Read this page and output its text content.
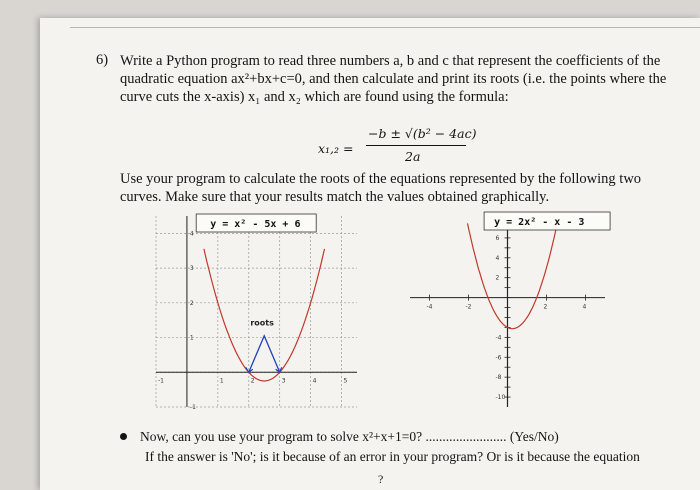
6) Write a Python program to read three numbers a, b and c that represent the coefficients of the
quadratic equation ax²+bx+c=0, and then calculate and print its roots (i.e. the points where the
curve cuts the x-axis) x₁ and x₂ which are found using the formula:
x₁,₂ =
−b ± √(b² − 4ac)
2a
Use your program to calculate the roots of the equations represented by the following two
curves. Make sure that your results match the values obtained graphically.
-1	1	2	3	4	5
-1
1
2
3
4
roots
y = x² - 5x + 6
6
4
2
-4
-6
-8
-10
-4	-2	2	4
y = 2x² - x - 3
Now, can you use your program to solve x²+x+1=0? ........................ (Yes/No)
If the answer is 'No'; is it because of an error in your program? Or is it because the equation
?
